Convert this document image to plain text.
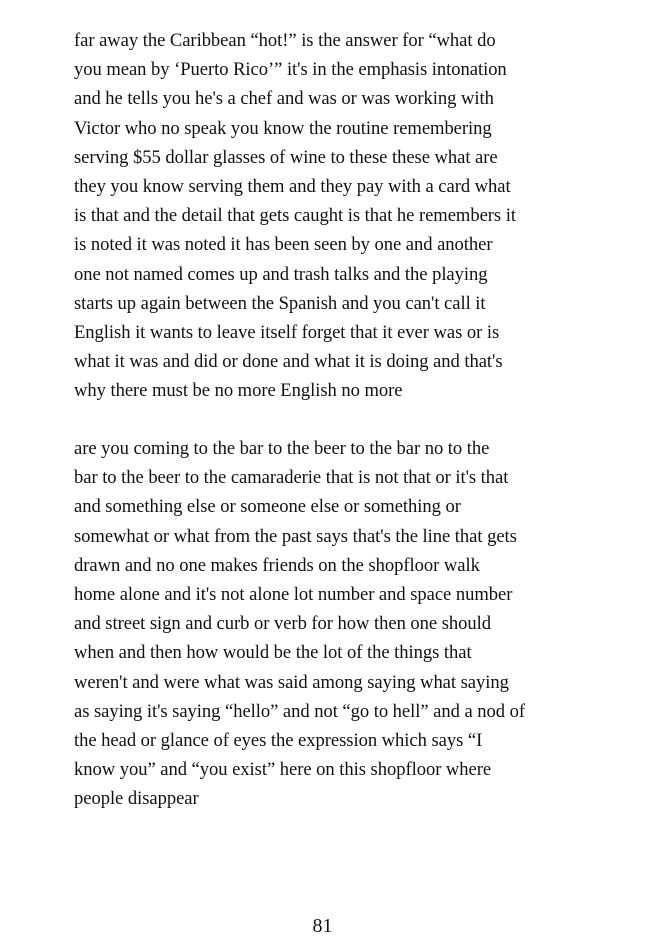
far away the Caribbean “hot!” is the answer for “what do
you mean by ‘Puerto Rico’” it's in the emphasis intonation
and he tells you he's a chef and was or was working with
Victor who no speak you know the routine remembering
serving $55 dollar glasses of wine to these these what are
they you know serving them and they pay with a card what
is that and the detail that gets caught is that he remembers it
is noted it was noted it has been seen by one and another
one not named comes up and trash talks and the playing
starts up again between the Spanish and you can't call it
English it wants to leave itself forget that it ever was or is
what it was and did or done and what it is doing and that's
why there must be no more English no more
are you coming to the bar to the beer to the bar no to the
bar to the beer to the camaraderie that is not that or it's that
and something else or someone else or something or
somewhat or what from the past says that's the line that gets
drawn and no one makes friends on the shopfloor walk
home alone and it's not alone lot number and space number
and street sign and curb or verb for how then one should
when and then how would be the lot of the things that
weren't and were what was said among saying what saying
as saying it's saying “hello” and not “go to hell” and a nod of
the head or glance of eyes the expression which says “I
know you” and “you exist” here on this shopfloor where
people disappear
81
